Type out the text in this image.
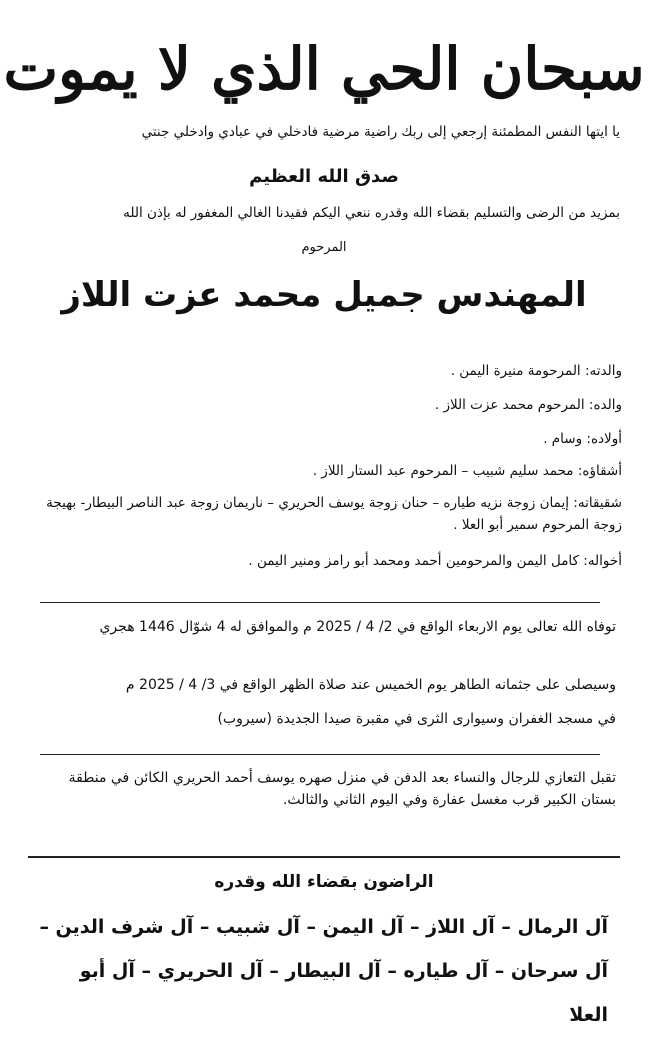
سبحان الحي الذي لا يموت
يا ايتها النفس المطمئنة إرجعي إلى ربك راضية مرضية فادخلي في عبادي وادخلي جنتي
صدق الله العظيم
بمزيد من الرضى والتسليم بقضاء الله وقدره ننعي اليكم فقيدنا الغالي المغفور له بإذن الله
المرحوم
المهندس جميل محمد عزت اللاز
والدته: المرحومة منيرة اليمن .
والده: المرحوم محمد عزت اللاز .
أولاده: وسام .
أشقاؤه: محمد سليم شبيب – المرحوم عبد الستار اللاز .
شقيقاته: إيمان زوجة نزيه طياره – حنان زوجة يوسف الحريري – ناريمان زوجة عبد الناصر البيطار- بهيجة زوجة المرحوم سمير أبو العلا .
أخواله: كامل اليمن والمرحومين أحمد ومحمد أبو رامز ومنير اليمن .
توفاه الله تعالى يوم الاربعاء الواقع في 2/ 4 / 2025 م والموافق له 4 شوّال 1446 هجري
وسيصلى على جثمانه الطاهر يوم الخميس عند صلاة الظهر الواقع في 3/ 4 / 2025 م
في مسجد الغفران وسيوارى الثرى في مقبرة صيدا الجديدة (سيروب)
تقبل التعازي للرجال والنساء بعد الدفن في منزل صهره يوسف أحمد الحريري الكائن في منطقة بستان الكبير قرب مغسل عفارة وفي اليوم الثاني والثالث.
الراضون بقضاء الله وقدره
آل الرمال – آل اللاز – آل اليمن – آل شبيب – آل شرف الدين – آل سرحان – آل طياره – آل البيطار – آل الحريري – آل أبو العلا
